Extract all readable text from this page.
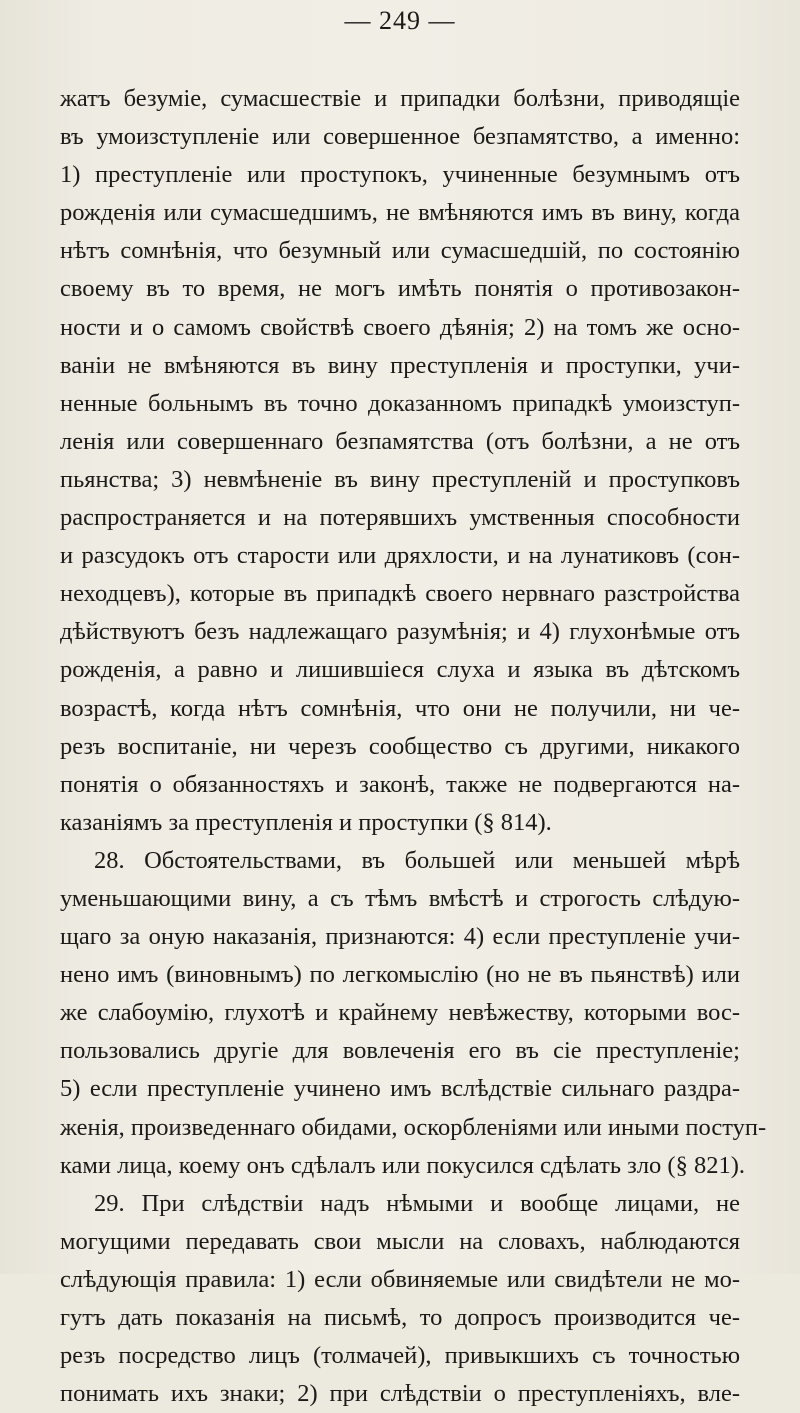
— 249 —
жатъ безуміе, сумасшествіе и припадки болѣзни, приводящіе
въ умоизступленіе или совершенное безпамятство, а именно:
1) преступленіе или проступокъ, учиненные безумнымъ отъ
рожденія или сумасшедшимъ, не вмѣняются имъ въ вину, когда
нѣтъ сомнѣнія, что безумный или сумасшедшій, по состоянію
своему въ то время, не могъ имѣть понятія о противозакон-
ности и о самомъ свойствѣ своего дѣянія; 2) на томъ же осно-
ваніи не вмѣняются въ вину преступленія и проступки, учи-
ненные больнымъ въ точно доказанномъ припадкѣ умоизступ-
ленія или совершеннаго безпамятства (отъ болѣзни, а не отъ
пьянства; 3) невмѣненіе въ вину преступленій и проступковъ
распространяется и на потерявшихъ умственныя способности
и разсудокъ отъ старости или дряхлости, и на лунатиковъ (сон-
неходцевъ), которые въ припадкѣ своего нервнаго разстройства
дѣйствуютъ безъ надлежащаго разумѣнія; и 4) глухонѣмые отъ
рожденія, а равно и лишившіеся слуха и языка въ дѣтскомъ
возрастѣ, когда нѣтъ сомнѣнія, что они не получили, ни че-
резъ воспитаніе, ни черезъ сообщество съ другими, никакого
понятія о обязанностяхъ и законѣ, также не подвергаются на-
казаніямъ за преступленія и проступки (§ 814).
28. Обстоятельствами, въ большей или меньшей мѣрѣ
уменьшающими вину, а съ тѣмъ вмѣстѣ и строгость слѣдую-
щаго за оную наказанія, признаются: 4) если преступленіе учи-
нено имъ (виновнымъ) по легкомыслію (но не въ пьянствѣ) или
же слабоумію, глухотѣ и крайнему невѣжеству, которыми вос-
пользовались другіе для вовлеченія его въ сіе преступленіе;
5) если преступленіе учинено имъ вслѣдствіе сильнаго раздра-
женія, произведеннаго обидами, оскорбленіями или иными поступ-
ками лица, коему онъ сдѣлалъ или покусился сдѣлать зло (§ 821).
29. При слѣдствіи надъ нѣмыми и вообще лицами, не
могущими передавать свои мысли на словахъ, наблюдаются
слѣдующія правила: 1) если обвиняемые или свидѣтели не мо-
гутъ дать показанія на письмѣ, то допросъ производится че-
резъ посредство лицъ (толмачей), привыкшихъ съ точностью
понимать ихъ знаки; 2) при слѣдствіи о преступленіяхъ, вле-
